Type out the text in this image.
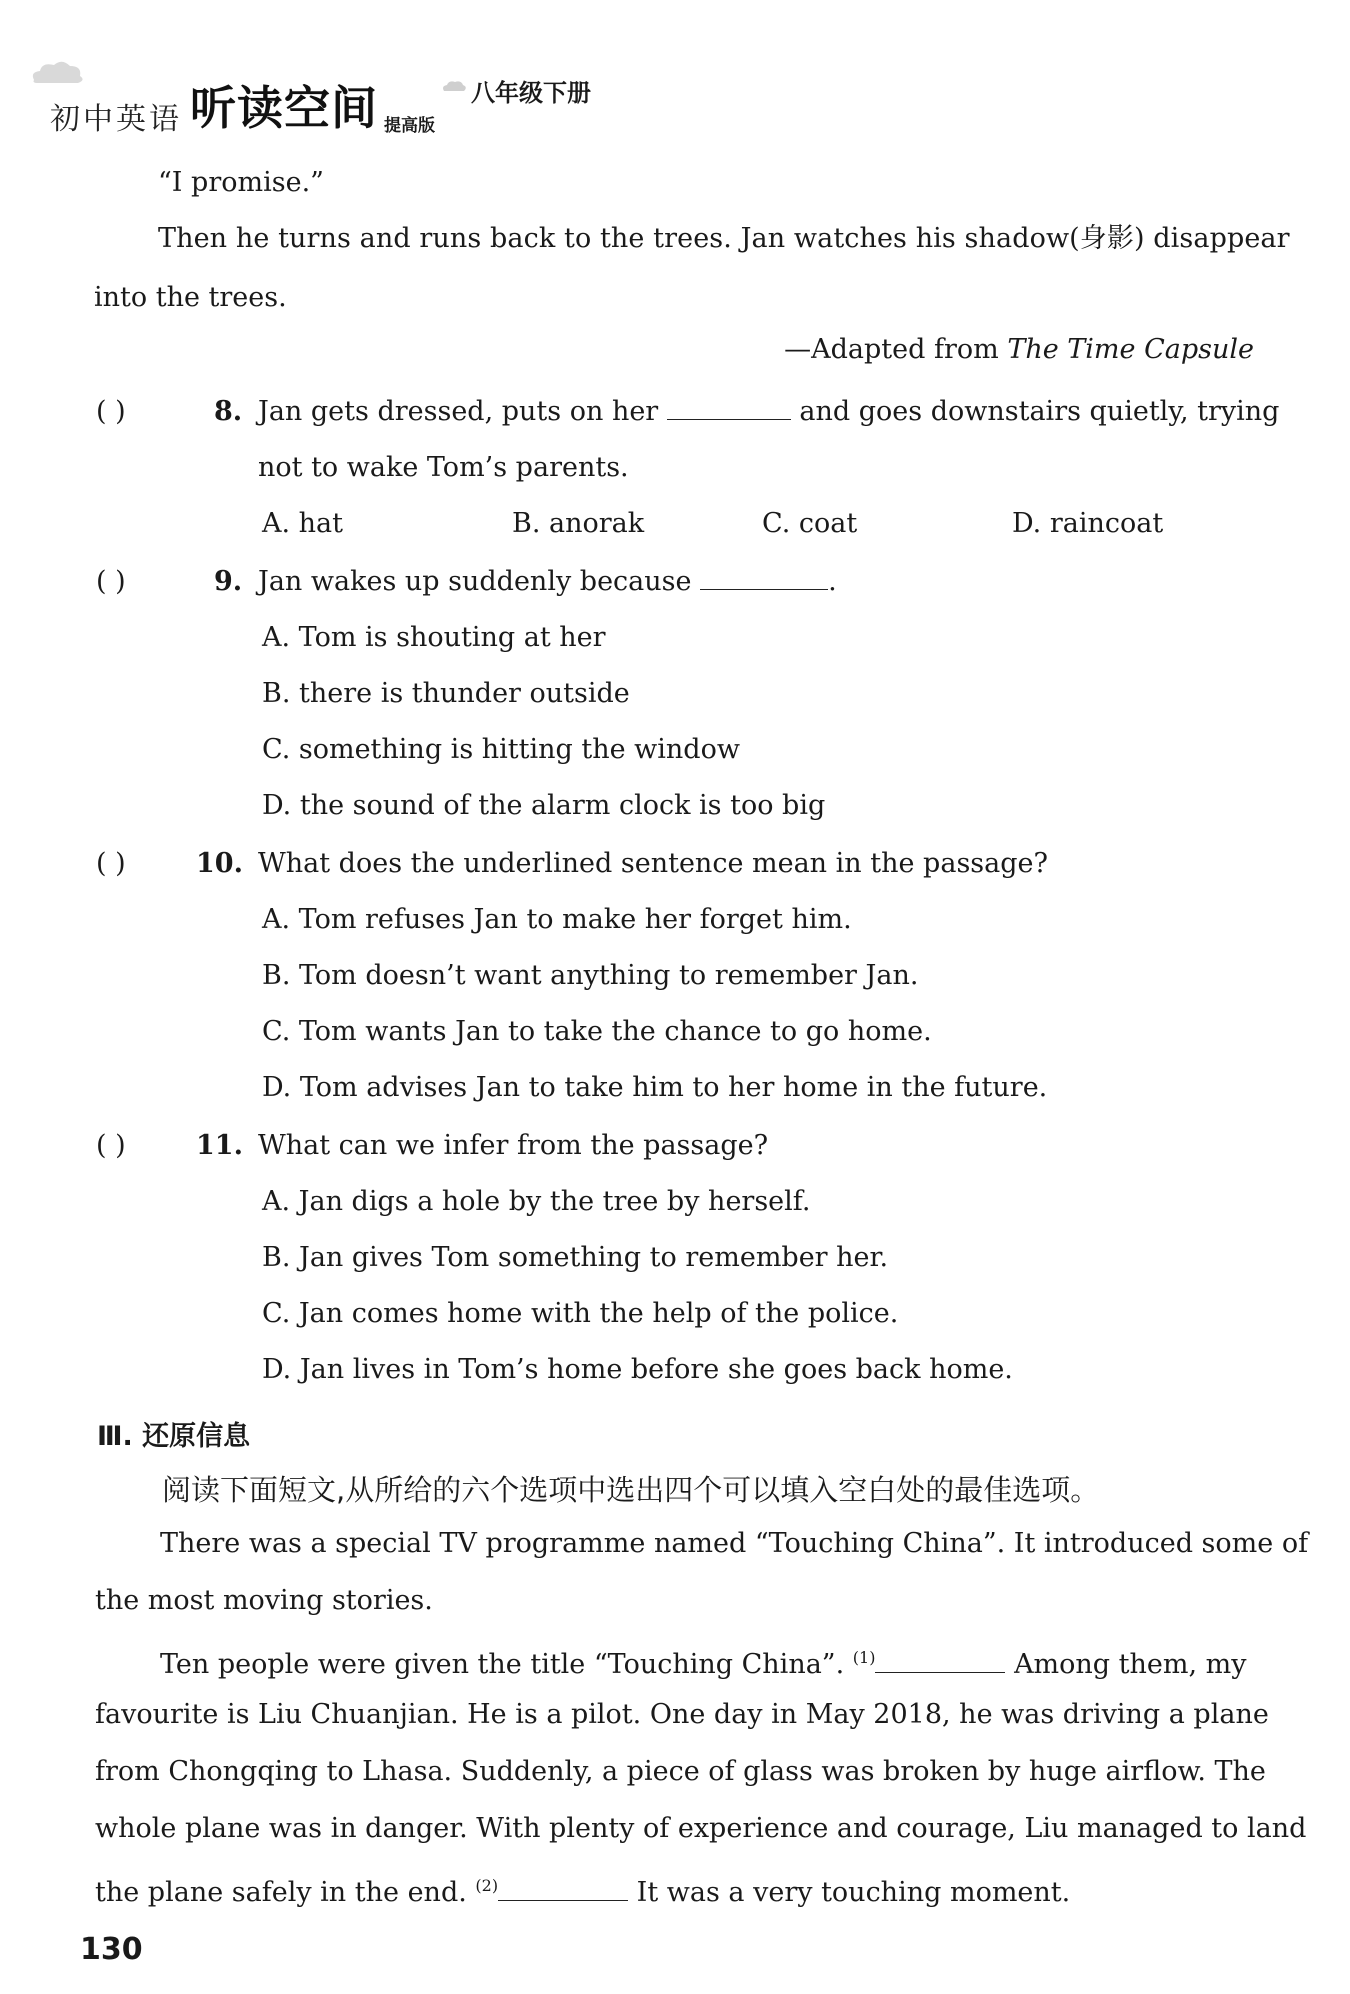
初中英语 听读空间 提高版
八年级下册
“I promise.”
Then he turns and runs back to the trees. Jan watches his shadow(身影) disappear
into the trees.
—Adapted from The Time Capsule
( )	8. Jan gets dressed, puts on her	and goes downstairs quietly, trying
not to wake Tom’s parents.
A. hat	B. anorak	C. coat	D. raincoat
( )	9. Jan wakes up suddenly because	.
A. Tom is shouting at her
B. there is thunder outside
C. something is hitting the window
D. the sound of the alarm clock is too big
( )	10. What does the underlined sentence mean in the passage?
A. Tom refuses Jan to make her forget him.
B. Tom doesn’t want anything to remember Jan.
C. Tom wants Jan to take the chance to go home.
D. Tom advises Jan to take him to her home in the future.
( )	11. What can we infer from the passage?
A. Jan digs a hole by the tree by herself.
B. Jan gives Tom something to remember her.
C. Jan comes home with the help of the police.
D. Jan lives in Tom’s home before she goes back home.
Ⅲ. 还原信息
阅读下面短文,从所给的六个选项中选出四个可以填入空白处的最佳选项。
There was a special TV programme named “Touching China”. It introduced some of
the most moving stories.
Ten people were given the title “Touching China”. $^{(1)}$	Among them, my
favourite is Liu Chuanjian. He is a pilot. One day in May 2018, he was driving a plane
from Chongqing to Lhasa. Suddenly, a piece of glass was broken by huge airflow. The
whole plane was in danger. With plenty of experience and courage, Liu managed to land
the plane safely in the end. $^{(2)}$	It was a very touching moment.
130
